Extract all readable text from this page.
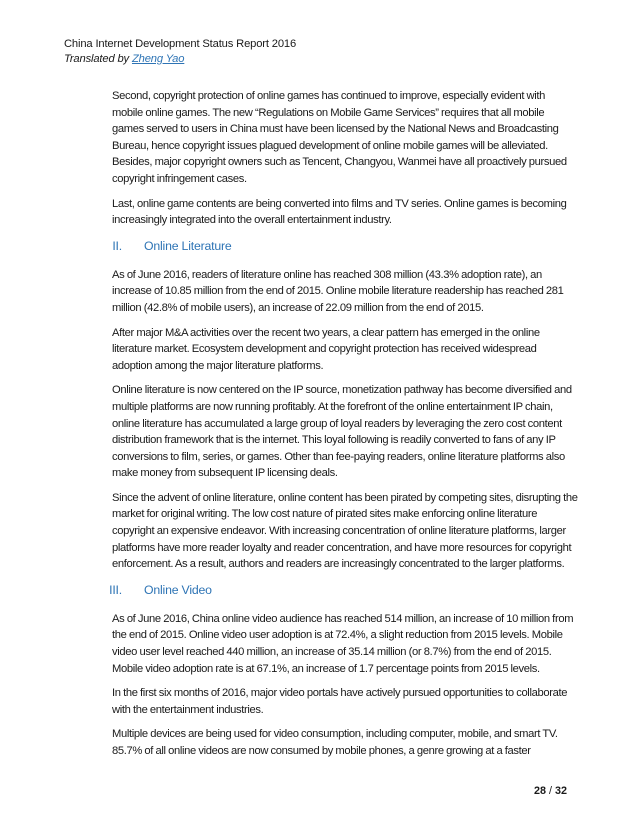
China Internet Development Status Report 2016
Translated by Zheng Yao

Second, copyright protection of online games has continued to improve, especially evident with mobile online games. The new “Regulations on Mobile Game Services” requires that all mobile games served to users in China must have been licensed by the National News and Broadcasting Bureau, hence copyright issues plagued development of online mobile games will be alleviated. Besides, major copyright owners such as Tencent, Changyou, Wanmei have all proactively pursued copyright infringement cases.

Last, online game contents are being converted into films and TV series. Online games is becoming increasingly integrated into the overall entertainment industry.

II.	Online Literature

As of June 2016, readers of literature online has reached 308 million (43.3% adoption rate), an increase of 10.85 million from the end of 2015. Online mobile literature readership has reached 281 million (42.8% of mobile users), an increase of 22.09 million from the end of 2015.

After major M&A activities over the recent two years, a clear pattern has emerged in the online literature market. Ecosystem development and copyright protection has received widespread adoption among the major literature platforms.

Online literature is now centered on the IP source, monetization pathway has become diversified and multiple platforms are now running profitably. At the forefront of the online entertainment IP chain, online literature has accumulated a large group of loyal readers by leveraging the zero cost content distribution framework that is the internet. This loyal following is readily converted to fans of any IP conversions to film, series, or games. Other than fee-paying readers, online literature platforms also make money from subsequent IP licensing deals.

Since the advent of online literature, online content has been pirated by competing sites, disrupting the market for original writing. The low cost nature of pirated sites make enforcing online literature copyright an expensive endeavor. With increasing concentration of online literature platforms, larger platforms have more reader loyalty and reader concentration, and have more resources for copyright enforcement. As a result, authors and readers are increasingly concentrated to the larger platforms.

III.	Online Video

As of June 2016, China online video audience has reached 514 million, an increase of 10 million from the end of 2015. Online video user adoption is at 72.4%, a slight reduction from 2015 levels. Mobile video user level reached 440 million, an increase of 35.14 million (or 8.7%) from the end of 2015. Mobile video adoption rate is at 67.1%, an increase of 1.7 percentage points from 2015 levels.

In the first six months of 2016, major video portals have actively pursued opportunities to collaborate with the entertainment industries.

Multiple devices are being used for video consumption, including computer, mobile, and smart TV. 85.7% of all online videos are now consumed by mobile phones, a genre growing at a faster

28 / 32
